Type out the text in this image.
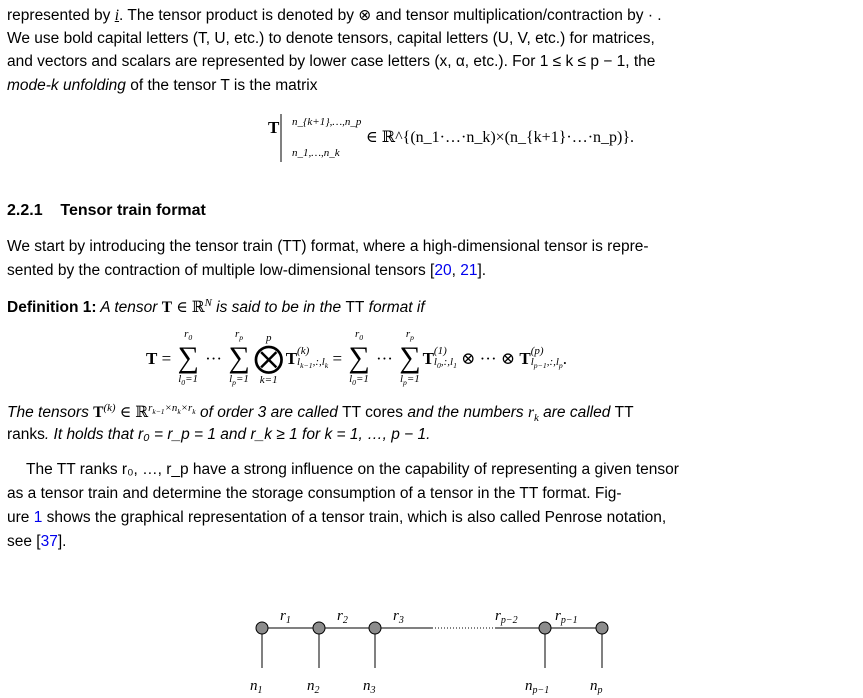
represented by i. The tensor product is denoted by ⊗ and tensor multiplication/contraction by · .
We use bold capital letters (T, U, etc.) to denote tensors, capital letters (U, V, etc.) for matrices,
and vectors and scalars are represented by lower case letters (x, α, etc.). For 1 ≤ k ≤ p − 1, the
mode-k unfolding of the tensor T is the matrix
T n_{k+1},…,n_p
n_1,…,n_k
∈ ℝ^{(n_1·…·n_k)×(n_{k+1}·…·n_p)}.
2.2.1 Tensor train format
We start by introducing the tensor train (TT) format, where a high-dimensional tensor is repre-
sented by the contraction of multiple low-dimensional tensors [20, 21].
Definition 1: A tensor T ∈ ℝ$^N$ is said to be in the TT format if
T =
$r_0$
∑
$l_0=1$
···
$r_p$
∑
$l_p=1$
p
⨂
k=1
T (k)
$l_{k-1},:,l_k$ =
$r_0$
∑
$l_0=1$
···
$r_p$
∑
$l_p=1$
T (1)
$l_0,:,l_1$ ⊗ ··· ⊗ T (p)
$l_{p-1},:,l_p$ .
The tensors $T^{(k)}$ ∈ ℝ$^{r_{k-1}\times n_k\times r_k}$ of order 3 are called TT cores and the numbers $r_k$ are called TT
ranks. It holds that r₀ = r_p = 1 and r_k ≥ 1 for k = 1, …, p − 1.
The TT ranks r₀, …, r_p have a strong influence on the capability of representing a given tensor
as a tensor train and determine the storage consumption of a tensor in the TT format. Fig-
ure 1 shows the graphical representation of a tensor train, which is also called Penrose notation,
see [37].
$r_1$	$r_2$	$r_3$	$r_{p-2}$ $r_{p-1}$
$n_1$	$n_2$	$n_3$	$n_{p-1}$	$n_p$
